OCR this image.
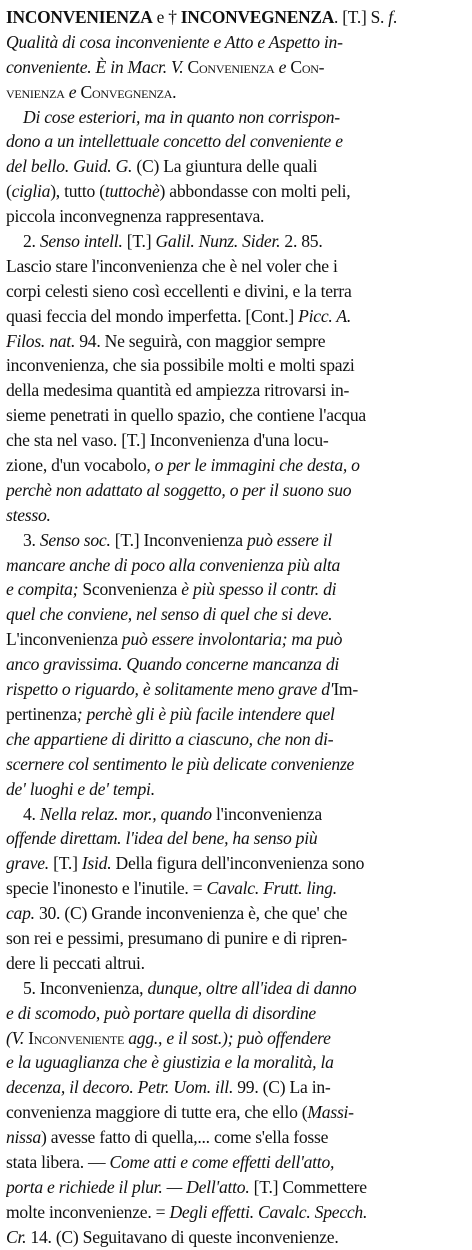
INCONVENIENZA e † INCONVEGNENZA. [T.] S. f.
Qualità di cosa inconveniente e Atto e Aspetto in-
conveniente. È in Macr. V. Convenienza e Con-
venienza e Convegnenza.
Di cose esteriori, ma in quanto non corrispon-
dono a un intellettuale concetto del conveniente e
del bello. Guid. G. (C) La giuntura delle quali
(ciglia), tutto (tuttochè) abbondasse con molti peli,
piccola inconvegnenza rappresentava.
2. Senso intell. [T.] Galil. Nunz. Sider. 2. 85.
Lascio stare l'inconvenienza che è nel voler che i
corpi celesti sieno così eccellenti e divini, e la terra
quasi feccia del mondo imperfetta. [Cont.] Picc. A.
Filos. nat. 94. Ne seguirà, con maggior sempre
inconvenienza, che sia possibile molti e molti spazi
della medesima quantità ed ampiezza ritrovarsi in-
sieme penetrati in quello spazio, che contiene l'acqua
che sta nel vaso. [T.] Inconvenienza d'una locu-
zione, d'un vocabolo, o per le immagini che desta, o
perchè non adattato al soggetto, o per il suono suo
stesso.
3. Senso soc. [T.] Inconvenienza può essere il
mancare anche di poco alla convenienza più alta
e compita; Sconvenienza è più spesso il contr. di
quel che conviene, nel senso di quel che si deve.
L'inconvenienza può essere involontaria; ma può
anco gravissima. Quando concerne mancanza di
rispetto o riguardo, è solitamente meno grave d'Im-
pertinenza; perchè gli è più facile intendere quel
che appartiene di diritto a ciascuno, che non di-
scernere col sentimento le più delicate convenienze
de' luoghi e de' tempi.
4. Nella relaz. mor., quando l'inconvenienza
offende direttam. l'idea del bene, ha senso più
grave. [T.] Isid. Della figura dell'inconvenienza sono
specie l'inonesto e l'inutile. = Cavalc. Frutt. ling.
cap. 30. (C) Grande inconvenienza è, che que' che
son rei e pessimi, presumano di punire e di ripren-
dere li peccati altrui.
5. Inconvenienza, dunque, oltre all'idea di danno
e di scomodo, può portare quella di disordine
(V. Inconveniente agg., e il sost.); può offendere
e la uguaglianza che è giustizia e la moralità, la
decenza, il decoro. Petr. Uom. ill. 99. (C) La in-
convenienza maggiore di tutte era, che ello (Massi-
nissa) avesse fatto di quella,... come s'ella fosse
stata libera. — Come atti e come effetti dell'atto,
porta e richiede il plur. — Dell'atto. [T.] Commettere
molte inconvenienze. = Degli effetti. Cavalc. Specch.
Cr. 14. (C) Seguitavano di queste inconvenienze.
